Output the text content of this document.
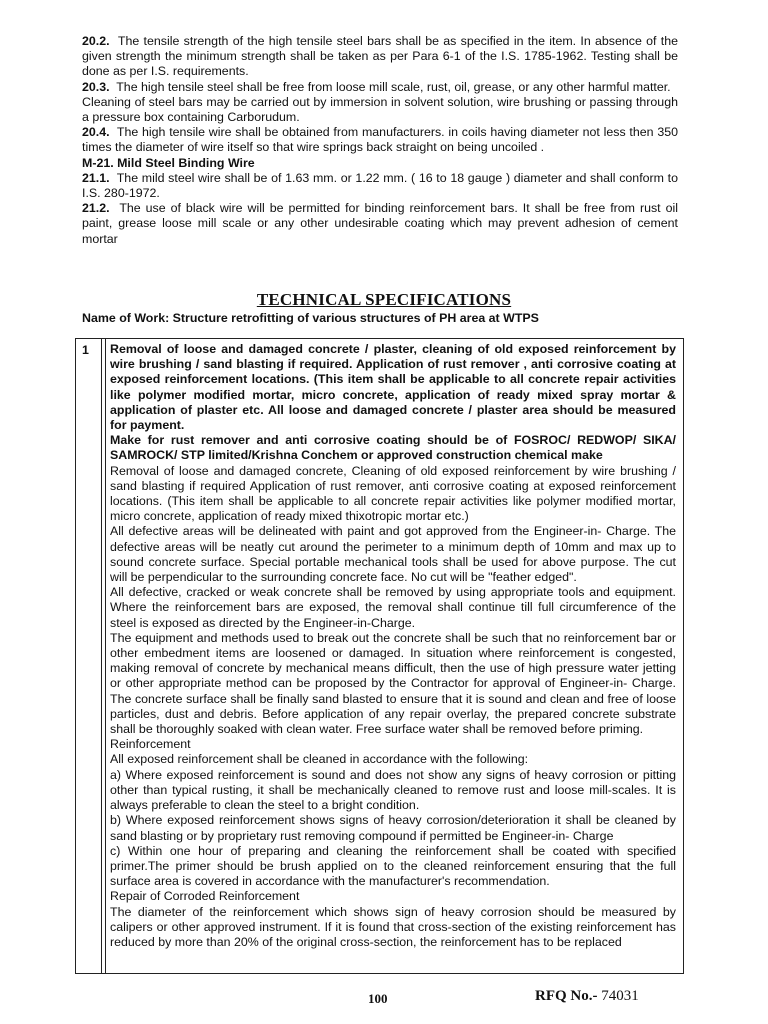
20.2. The tensile strength of the high tensile steel bars shall be as specified in the item. In absence of the given strength the minimum strength shall be taken as per Para 6-1 of the I.S. 1785-1962. Testing shall be done as per I.S. requirements.

20.3. The high tensile steel shall be free from loose mill scale, rust, oil, grease, or any other harmful matter.

Cleaning of steel bars may be carried out by immersion in solvent solution, wire brushing or passing through a pressure box containing Carborudum.

20.4. The high tensile wire shall be obtained from manufacturers. in coils having diameter not less then 350 times the diameter of wire itself so that wire springs back straight on being uncoiled .

M-21. Mild Steel Binding Wire

21.1. The mild steel wire shall be of 1.63 mm. or 1.22 mm. ( 16 to 18 gauge ) diameter and shall conform to I.S. 280-1972.

21.2. The use of black wire will be permitted for binding reinforcement bars. It shall be free from rust oil paint, grease loose mill scale or any other undesirable coating which may prevent adhesion of cement mortar

TECHNICAL SPECIFICATIONS
Name of Work: Structure retrofitting of various structures of PH area at WTPS
1 Removal of loose and damaged concrete / plaster, cleaning of old exposed reinforcement by wire brushing / sand blasting if required. Application of rust remover , anti corrosive coating at exposed reinforcement locations. (This item shall be applicable to all concrete repair activities like polymer modified mortar, micro concrete, application of ready mixed spray mortar & application of plaster etc. All loose and damaged concrete / plaster area should be measured for payment.

Make for rust remover and anti corrosive coating should be of FOSROC/ REDWOP/ SIKA/ SAMROCK/ STP limited/Krishna Conchem or approved construction chemical make

Removal of loose and damaged concrete, Cleaning of old exposed reinforcement by wire brushing / sand blasting if required Application of rust remover, anti corrosive coating at exposed reinforcement locations. (This item shall be applicable to all concrete repair activities like polymer modified mortar, micro concrete, application of ready mixed thixotropic mortar etc.)

All defective areas will be delineated with paint and got approved from the Engineer-in- Charge. The defective areas will be neatly cut around the perimeter to a minimum depth of 10mm and max up to sound concrete surface. Special portable mechanical tools shall be used for above purpose. The cut will be perpendicular to the surrounding concrete face. No cut will be "feather edged".

All defective, cracked or weak concrete shall be removed by using appropriate tools and equipment. Where the reinforcement bars are exposed, the removal shall continue till full circumference of the steel is exposed as directed by the Engineer-in-Charge.

The equipment and methods used to break out the concrete shall be such that no reinforcement bar or other embedment items are loosened or damaged. In situation where reinforcement is congested, making removal of concrete by mechanical means difficult, then the use of high pressure water jetting or other appropriate method can be proposed by the Contractor for approval of Engineer-in- Charge. The concrete surface shall be finally sand blasted to ensure that it is sound and clean and free of loose particles, dust and debris. Before application of any repair overlay, the prepared concrete substrate shall be thoroughly soaked with clean water. Free surface water shall be removed before priming.

Reinforcement

All exposed reinforcement shall be cleaned in accordance with the following:

a) Where exposed reinforcement is sound and does not show any signs of heavy corrosion or pitting other than typical rusting, it shall be mechanically cleaned to remove rust and loose mill-scales. It is always preferable to clean the steel to a bright condition.

b) Where exposed reinforcement shows signs of heavy corrosion/deterioration it shall be cleaned by sand blasting or by proprietary rust removing compound if permitted be Engineer-in- Charge

c) Within one hour of preparing and cleaning the reinforcement shall be coated with specified primer.The primer should be brush applied on to the cleaned reinforcement ensuring that the full surface area is covered in accordance with the manufacturer's recommendation.

Repair of Corroded Reinforcement

The diameter of the reinforcement which shows sign of heavy corrosion should be measured by calipers or other approved instrument. If it is found that cross-section of the existing reinforcement has reduced by more than 20% of the original cross-section, the reinforcement has to be replaced

100	RFQ No.- 74031
